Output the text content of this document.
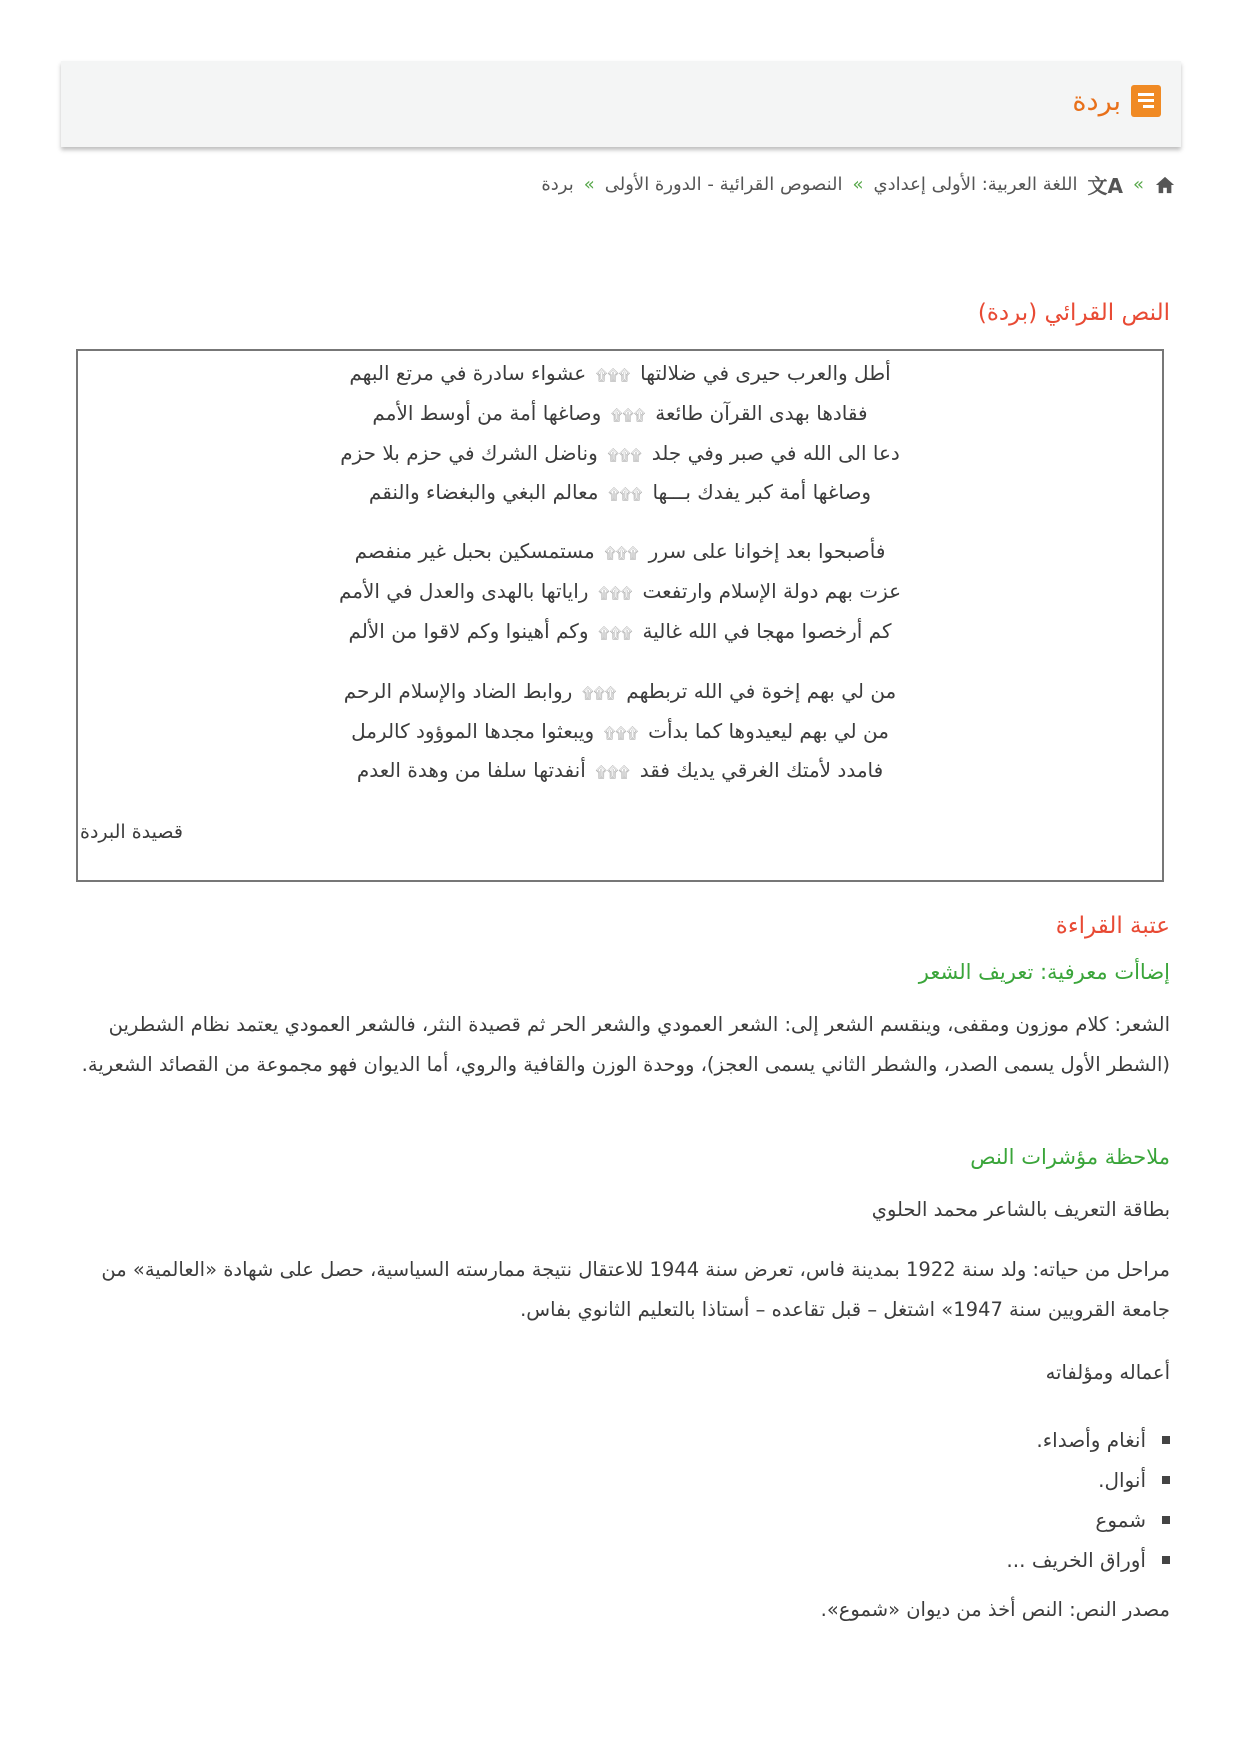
بردة
»
文A
اللغة العربية: الأولى إعدادي
»
النصوص القرائية - الدورة الأولى
»
بردة
النص القرائي (بردة)
أطل والعرب حيرى في ضلالتها۩۩۩عشواء سادرة في مرتع البهم
فقادها بهدى القرآن طائعة۩۩۩وصاغها أمة من أوسط الأمم
دعا الى الله في صبر وفي جلد۩۩۩وناضل الشرك في حزم بلا حزم
وصاغها أمة كبر يفدك بـــها۩۩۩معالم البغي والبغضاء والنقم
فأصبحوا بعد إخوانا على سرر۩۩۩مستمسكين بحبل غير منفصم
عزت بهم دولة الإسلام وارتفعت۩۩۩راياتها بالهدى والعدل في الأمم
كم أرخصوا مهجا في الله غالية۩۩۩وكم أهينوا وكم لاقوا من الألم
من لي بهم إخوة في الله تربطهم۩۩۩روابط الضاد والإسلام الرحم
من لي بهم ليعيدوها كما بدأت۩۩۩ويبعثوا مجدها الموؤود كالرمل
فامدد لأمتك الغرقي يديك فقد۩۩۩أنفدتها سلفا من وهدة العدم
قصيدة البردة
عتبة القراءة
إضاأت معرفية: تعريف الشعر
الشعر: كلام موزون ومقفى، وينقسم الشعر إلى: الشعر العمودي والشعر الحر ثم قصيدة النثر، فالشعر العمودي يعتمد نظام الشطرين (الشطر الأول يسمى الصدر، والشطر الثاني يسمى العجز)، ووحدة الوزن والقافية والروي، أما الديوان فهو مجموعة من القصائد الشعرية.
ملاحظة مؤشرات النص
بطاقة التعريف بالشاعر محمد الحلوي
مراحل من حياته: ولد سنة 1922 بمدينة فاس، تعرض سنة 1944 للاعتقال نتيجة ممارسته السياسية، حصل على شهادة «العالمية» من جامعة القرويين سنة 1947» اشتغل – قبل تقاعده – أستاذا بالتعليم الثانوي بفاس.
أعماله ومؤلفاته
أنغام وأصداء.
أنوال.
شموع
أوراق الخريف ...
مصدر النص: النص أخذ من ديوان «شموع».
